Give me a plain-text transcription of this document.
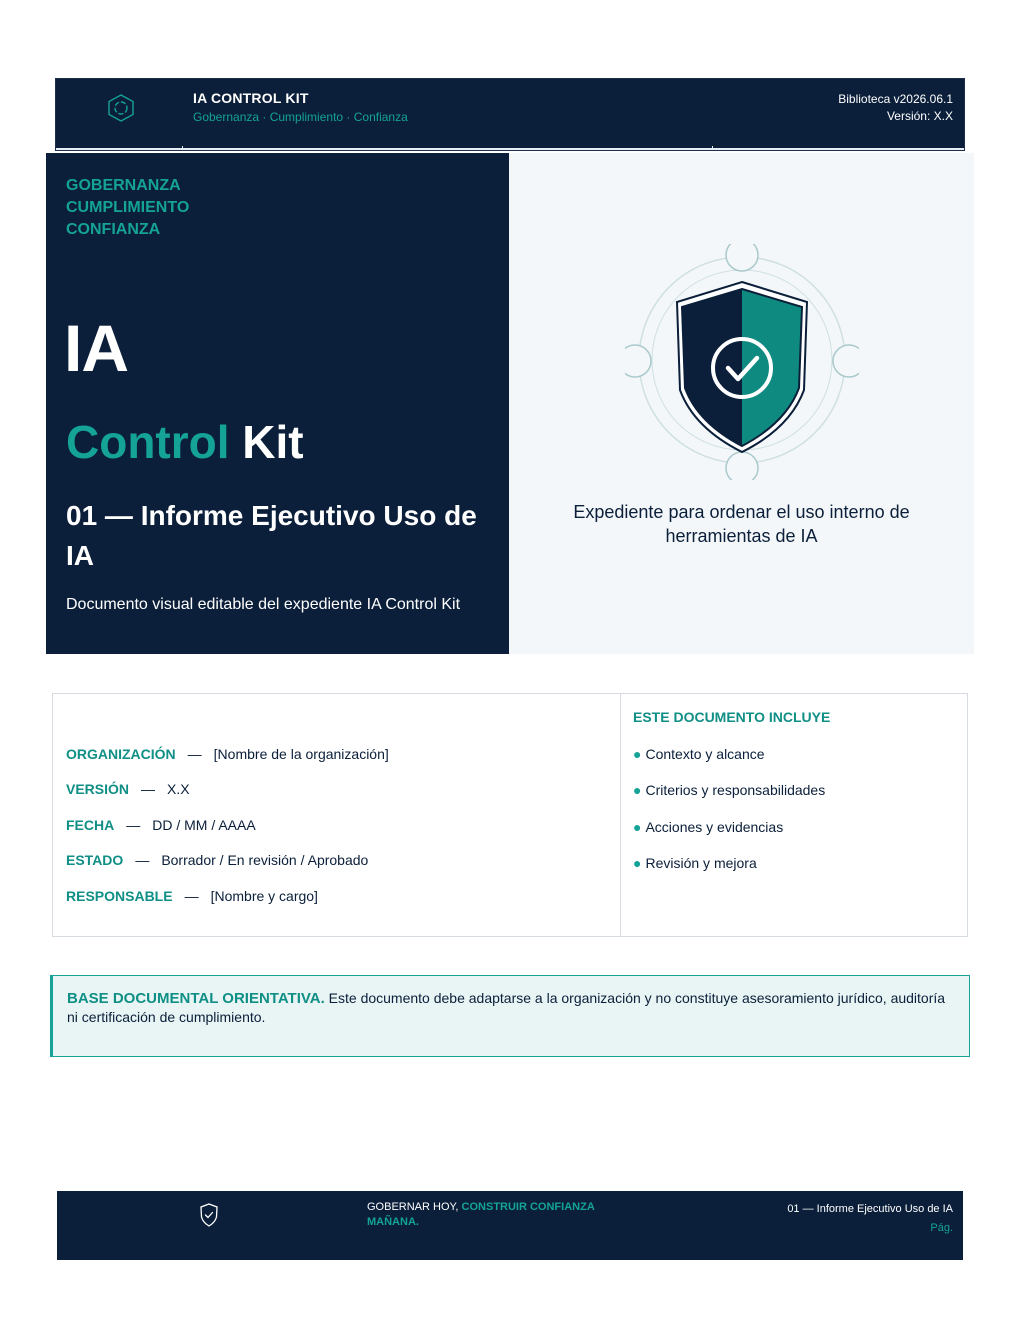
IA CONTROL KIT
Gobernanza · Cumplimiento · Confianza
Biblioteca v2026.06.1
Versión: X.X
GOBERNANZA
CUMPLIMIENTO
CONFIANZA
IA
Control Kit
01 — Informe Ejecutivo Uso de IA
Documento visual editable del expediente IA Control Kit
Expediente para ordenar el uso interno de herramientas de IA
ORGANIZACIÓN — [Nombre de la organización]
VERSIÓN — X.X
FECHA — DD / MM / AAAA
ESTADO — Borrador / En revisión / Aprobado
RESPONSABLE — [Nombre y cargo]
ESTE DOCUMENTO INCLUYE
● Contexto y alcance
● Criterios y responsabilidades
● Acciones y evidencias
● Revisión y mejora
BASE DOCUMENTAL ORIENTATIVA. Este documento debe adaptarse a la organización y no constituye asesoramiento jurídico, auditoría ni certificación de cumplimiento.
GOBERNAR HOY, CONSTRUIR CONFIANZA MAÑANA.
01 — Informe Ejecutivo Uso de IA
Pág.
